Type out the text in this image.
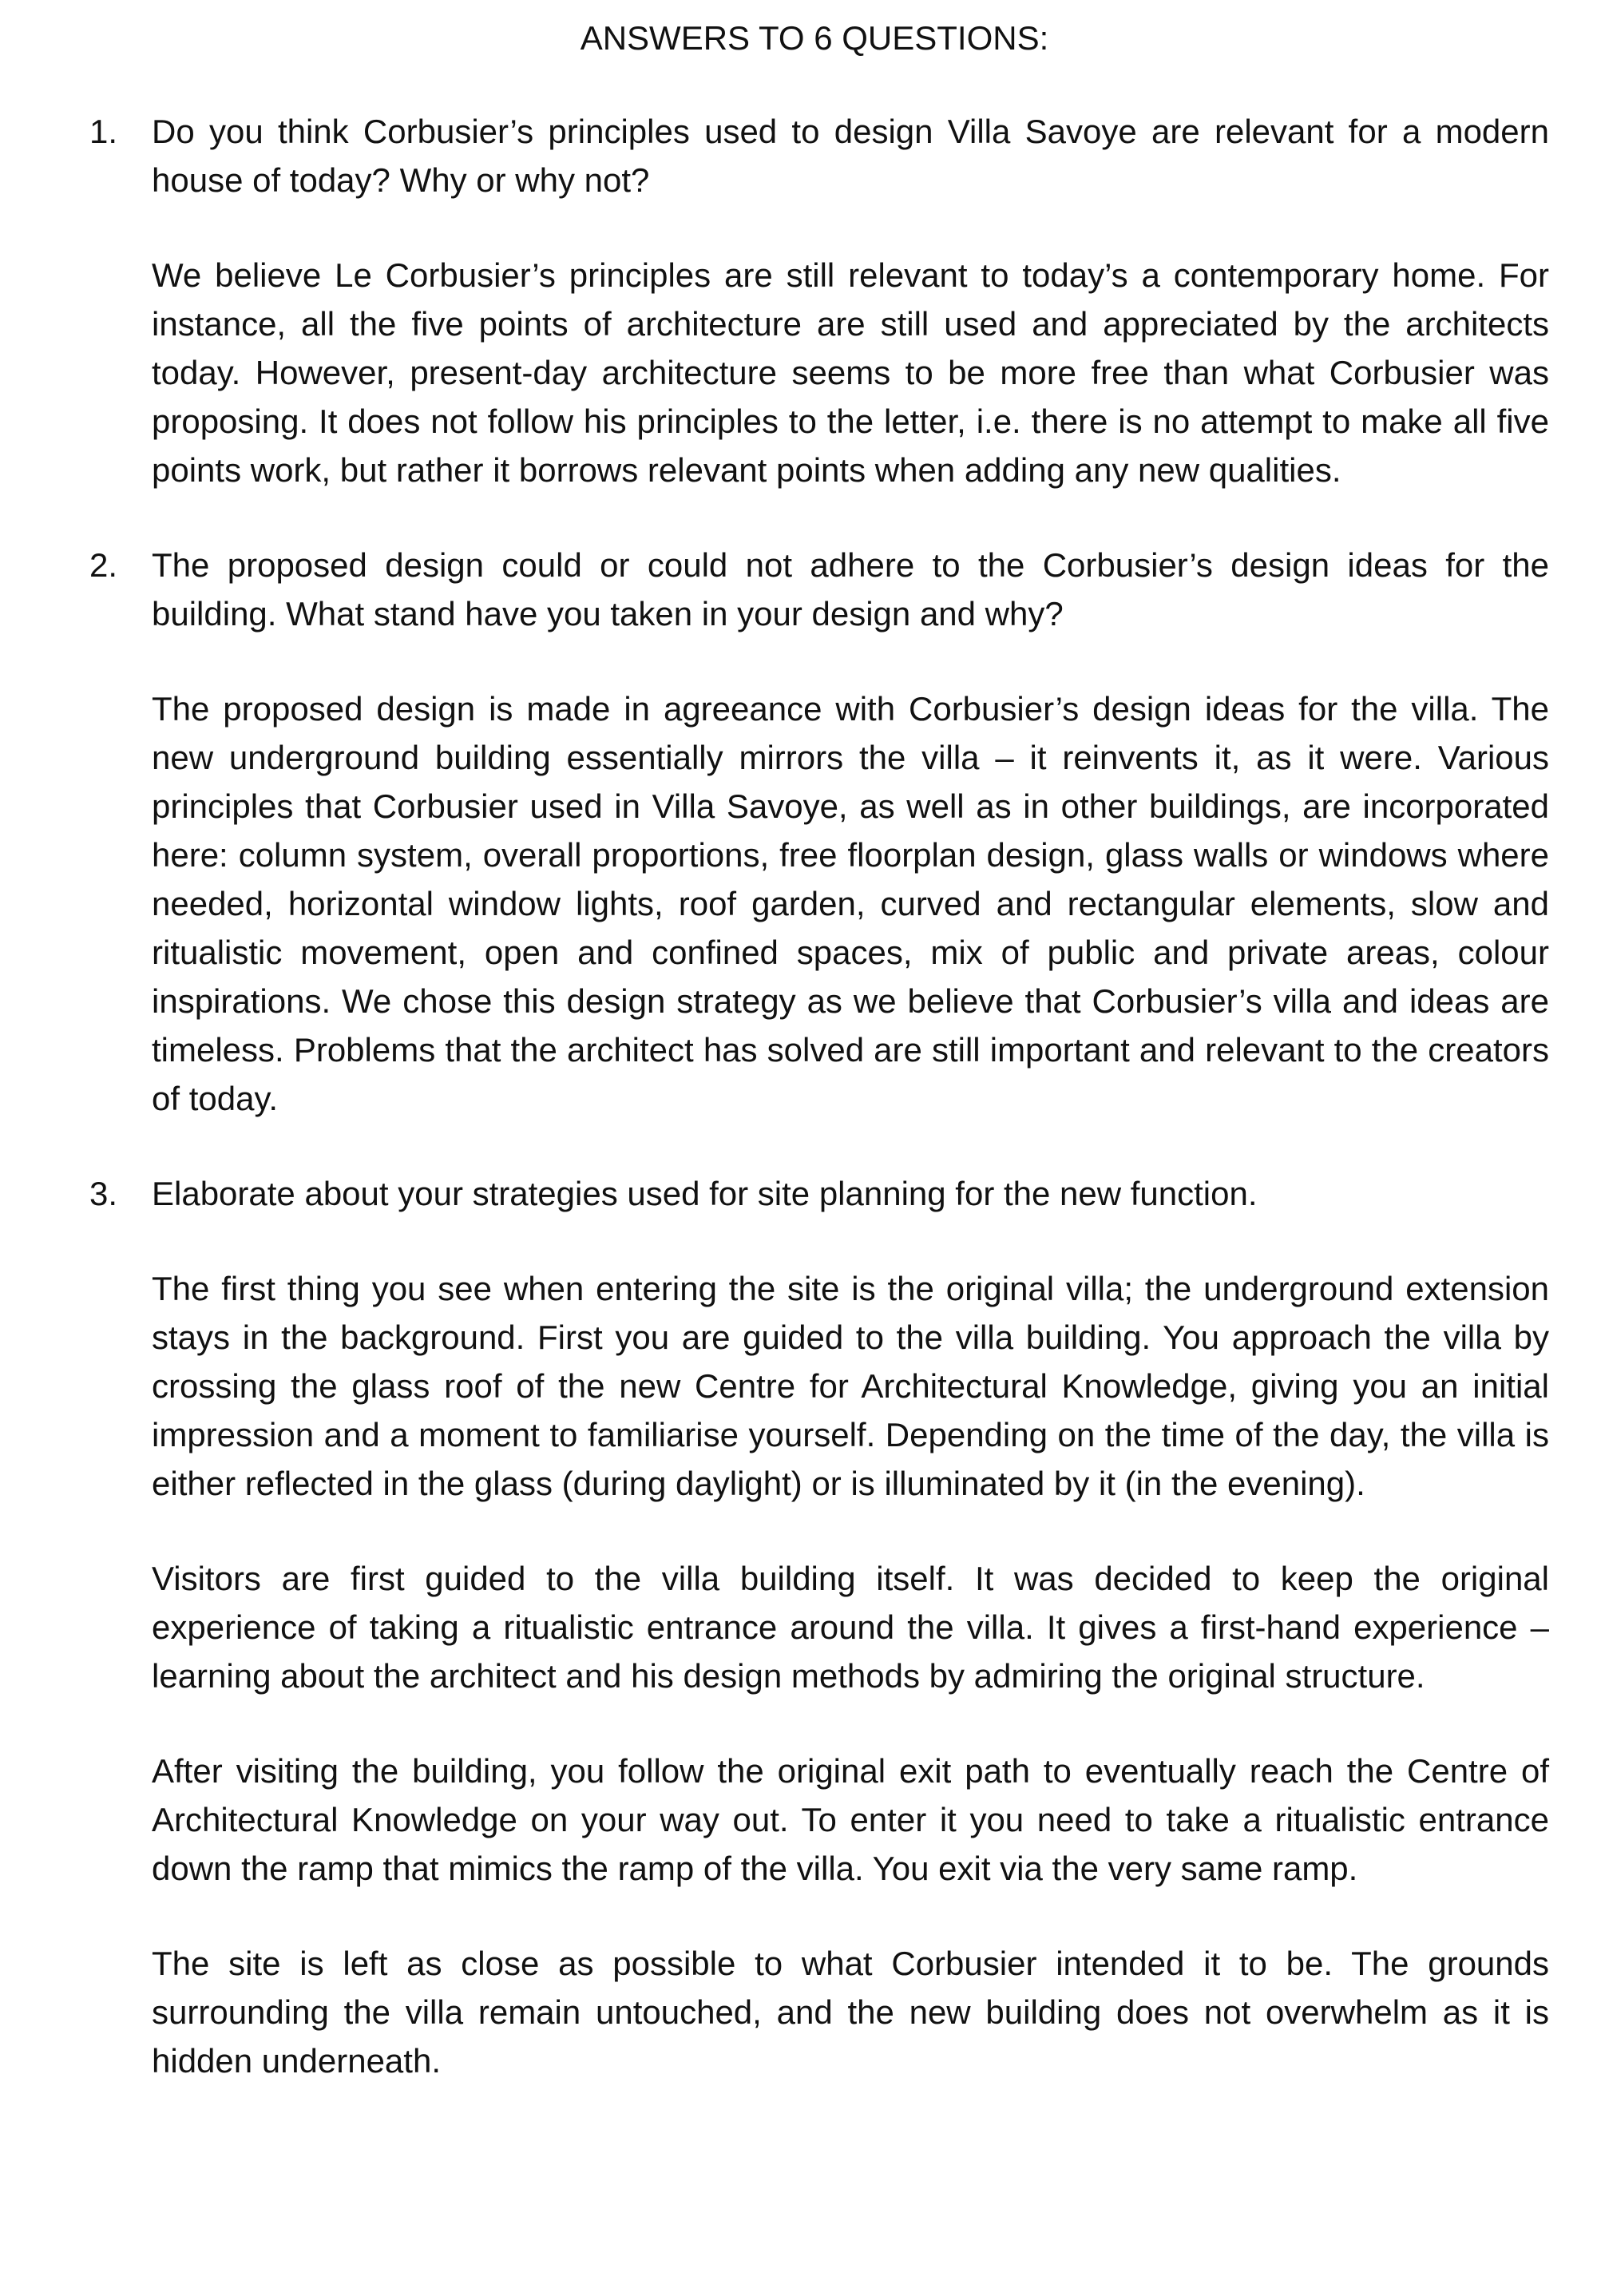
ANSWERS TO 6 QUESTIONS:
1. Do you think Corbusier’s principles used to design Villa Savoye are relevant for a modern house of today? Why or why not?

We believe Le Corbusier’s principles are still relevant to today’s a contemporary home. For instance, all the five points of architecture are still used and appreciated by the architects today. However, present-day architecture seems to be more free than what Corbusier was proposing. It does not follow his principles to the letter, i.e. there is no attempt to make all five points work, but rather it borrows relevant points when adding any new qualities.

2. The proposed design could or could not adhere to the Corbusier’s design ideas for the building. What stand have you taken in your design and why?

The proposed design is made in agreeance with Corbusier’s design ideas for the villa. The new underground building essentially mirrors the villa – it reinvents it, as it were. Various principles that Corbusier used in Villa Savoye, as well as in other buildings, are incorporated here: column system, overall proportions, free floorplan design, glass walls or windows where needed, horizontal window lights, roof garden, curved and rectangular elements, slow and ritualistic movement, open and confined spaces, mix of public and private areas, colour inspirations. We chose this design strategy as we believe that Corbusier’s villa and ideas are timeless. Problems that the architect has solved are still important and relevant to the creators of today.

3. Elaborate about your strategies used for site planning for the new function.

The first thing you see when entering the site is the original villa; the underground extension stays in the background. First you are guided to the villa building. You approach the villa by crossing the glass roof of the new Centre for Architectural Knowledge, giving you an initial impression and a moment to familiarise yourself. Depending on the time of the day, the villa is either reflected in the glass (during daylight) or is illuminated by it (in the evening).

Visitors are first guided to the villa building itself. It was decided to keep the original experience of taking a ritualistic entrance around the villa. It gives a first-hand experience – learning about the architect and his design methods by admiring the original structure.

After visiting the building, you follow the original exit path to eventually reach the Centre of Architectural Knowledge on your way out. To enter it you need to take a ritualistic entrance down the ramp that mimics the ramp of the villa. You exit via the very same ramp.

The site is left as close as possible to what Corbusier intended it to be. The grounds surrounding the villa remain untouched, and the new building does not overwhelm as it is hidden underneath.
